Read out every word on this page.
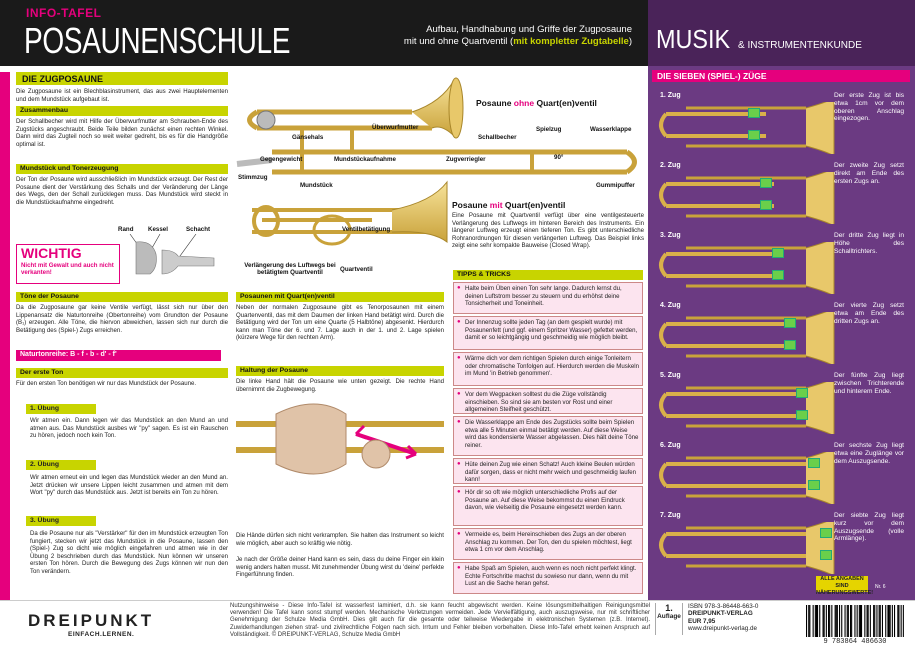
INFO-TAFEL
POSAUNENSCHULE	Aufbau, Handhabung und Griffe der Zugposaune
mit und ohne Quartventil (mit kompletter Zugtabelle) MUSIK & INSTRUMENTENKUNDE
DIE ZUGPOSAUNE
Die Zugposaune ist ein Blechblasinstrument, das aus zwei Hauptelementen und dem Mundstück aufgebaut ist.
Zusammenbau
Der Schallbecher wird mit Hilfe der Überwurfmutter am Schrauben-Ende des Zugstücks angeschraubt. Beide Teile bilden zunächst einen rechten Winkel. Dann wird das Zugteil noch so weit weiter gedreht, bis es für die Handgröße optimal ist.
Mundstück und Tonerzeugung
Der Ton der Posaune wird ausschließlich im Mundstück erzeugt. Der Rest der Posaune dient der Verstärkung des Schalls und der Veränderung der Länge des Wegs, den der Schall zurücklegen muss. Das Mundstück wird steckt in die Mundstückaufnahme eingedreht.
Rand Kessel	Schacht
WICHTIG
Nicht mit Gewalt und auch nicht verkanten!
Töne der Posaune
Da die Zugposaune gar keine Ventile verfügt, lässt sich nur über den Lippenansatz die Naturtonreihe (Obertonreihe) vom Grundton der Posaune (B₁) erzeugen. Alle Töne, die hiervon abweichen, lassen sich nur durch die Betätigung des (Spiel-) Zugs erreichen.
Naturtonreihe: B - f - b - d' - f'
Der erste Ton
Für den ersten Ton benötigen wir nur das Mundstück der Posaune.
1. Übung
Wir atmen ein. Dann legen wir das Mundstück an den Mund an und atmen aus. Das Mundstück ausbes wir "py" sagen. Es ist ein Rauschen zu hören, jedoch noch kein Ton.
2. Übung
Wir atmen erneut ein und legen das Mundstück wieder an den Mund an. Jetzt drücken wir unsere Lippen leicht zusammen und atmen mit dem Wort "py" durch das Mundstück aus. Jetzt ist bereits ein Ton zu hören.
3. Übung
Da die Posaune nur als "Verstärker" für den im Mundstück erzeugten Ton fungiert, stecken wir jetzt das Mundstück in die Posaune, lassen den (Spiel-) Zug so dicht wie möglich eingefahren und atmen wie in der Übung 2 beschrieben durch das Mundstück. Nun können wir unseren ersten Ton hören. Durch die Bewegung des Zugs können wir nun den Ton verändern.
Posaune ohne Quart(en)ventil
Gänsehals
Überwurfmutter
Schallbecher
Spielzug	Wasserklappe
Gegengewicht	Mundstückaufnahme	Zugverriegler
Stimmzug
Mundstück	Gummipuffer
90°
Ventilbetätigung
Verlängerung des Luftwegs bei betätigtem Quartventil	Quartventil
Posaune mit Quart(en)ventil
Eine Posaune mit Quartventil verfügt über eine ventilgesteuerte Verlängerung des Luftwegs im hinteren Bereich des Instruments. Ein längerer Luftweg erzeugt einen tieferen Ton. Es gibt unterschiedliche Rohranordnungen für diesen verlängerten Luftweg. Das Beispiel links zeigt eine sehr kompakte Bauweise (Closed Wrap).
Posaunen mit Quart(en)ventil
Neben der normalen Zugposaune gibt es Tenorposaunen mit einem Quartenventil, das mit dem Daumen der linken Hand betätigt wird. Durch die Betätigung wird der Ton um eine Quarte (5 Halbtöne) abgesenkt. Hierdurch kann man Töne der 6. und 7. Lage auch in der 1. und 2. Lage spielen (kürzere Wege für den rechten Arm).
Haltung der Posaune
Die linke Hand hält die Posaune wie unten gezeigt. Die rechte Hand übernimmt die Zugbewegung.
Die Hände dürfen sich nicht verkrampfen. Sie halten das Instrument so leicht wie möglich, aber auch so kräftig wie nötig.
Je nach der Größe deiner Hand kann es sein, dass du deine Finger ein klein wenig anders halten musst. Mit zunehmender Übung wirst du 'deine' perfekte Fingerführung finden.
TIPPS & TRICKS
● Halte beim Üben einen Ton sehr lange. Dadurch lernst du, deinen Luftstrom besser zu steuern und du erhöhst deine Tonsicherheit und Toneinheit.
● Der Innenzug sollte jeden Tag (an dem gespielt wurde) mit Posaunenfett (und ggf. einem Spritzer Wasser) gefettet werden, damit er so leichtgängig und geschmeidig wie möglich bleibt.
● Wärme dich vor dem richtigen Spielen durch einige Tonleitern oder chromatische Tonfolgen auf. Hierdurch werden die Muskeln im Mund 'in Betrieb genommen'.
● Vor dem Wegpacken solltest du die Züge vollständig einschieben. So sind sie am besten vor Rost und einer allgemeinen Steifheit geschützt.
● Die Wasserklappe am Ende des Zugstücks sollte beim Spielen etwa alle 5 Minuten einmal betätigt werden. Auf diese Weise wird das kondensierte Wasser abgelassen. Dies hält deine Töne reiner.
● Hüte deinen Zug wie einen Schatz! Auch kleine Beulen würden dafür sorgen, dass er nicht mehr weich und geschmeidig laufen kann!
● Hör dir so oft wie möglich unterschiedliche Profis auf der Posaune an. Auf diese Weise bekommst du einen Eindruck davon, wie vielseitig die Posaune eingesetzt werden kann.
● Vermeide es, beim Hereinschieben des Zugs an der oberen Anschlag zu kommen. Der Ton, den du spielen möchtest, liegt etwa 1 cm vor dem Anschlag.
● Habe Spaß am Spielen, auch wenn es noch nicht perfekt klingt. Echte Fortschritte machst du sowieso nur dann, wenn du mit Lust an die Sache heran gehst.
DIE SIEBEN (SPIEL-) ZÜGE
1. Zug	Der erste Zug ist bis etwa 1cm vor dem oberen Anschlag eingezogen.
2. Zug	Der zweite Zug setzt direkt am Ende des ersten Zugs an.
3. Zug	Der dritte Zug liegt in Höhe des Schalltrichters.
4. Zug	Der vierte Zug setzt etwa am Ende des dritten Zugs an.
5. Zug	Der fünfte Zug liegt zwischen Trichterende und hinterem Ende.
6. Zug	Der sechste Zug liegt etwa eine Zuglänge vor dem Auszugsende.
7. Zug	Der siebte Zug liegt kurz vor dem Auszugsende (volle Armlänge).
ALLE ANGABEN SIND NÄHERUNGSWERTE!
Nr. 6
DREIPUNKT
EINFACH.LERNEN.
Nutzungshinweise - Diese Info-Tafel ist wasserfest laminiert, d.h. sie kann feucht abgewischt werden. Keine lösungsmittelhaltigen Reinigungsmittel verwenden! Die Tafel kann sonst stumpf werden. Mechanische Verletzungen vermeiden. Jede Vervielfältigung, auch auszugsweise, nur mit schriftlicher Genehmigung der Schulze Media GmbH. Dies gilt auch für die gesamte oder teilweise Wiedergabe in elektronischen Systemen (z.B. Internet). Zuwiderhandlungen ziehen straf- und zivilrechtliche Folgen nach sich. Irrtum und Fehler bleiben vorbehalten. Diese Info-Tafel erhebt keinen Anspruch auf Vollständigkeit. © DREIPUNKT-VERLAG, Schulze Media GmbH
1.
Auflage
ISBN 978-3-86448-663-0
DREIPUNKT-VERLAG
EUR 7,95
www.dreipunkt-verlag.de
9 783864 486630
